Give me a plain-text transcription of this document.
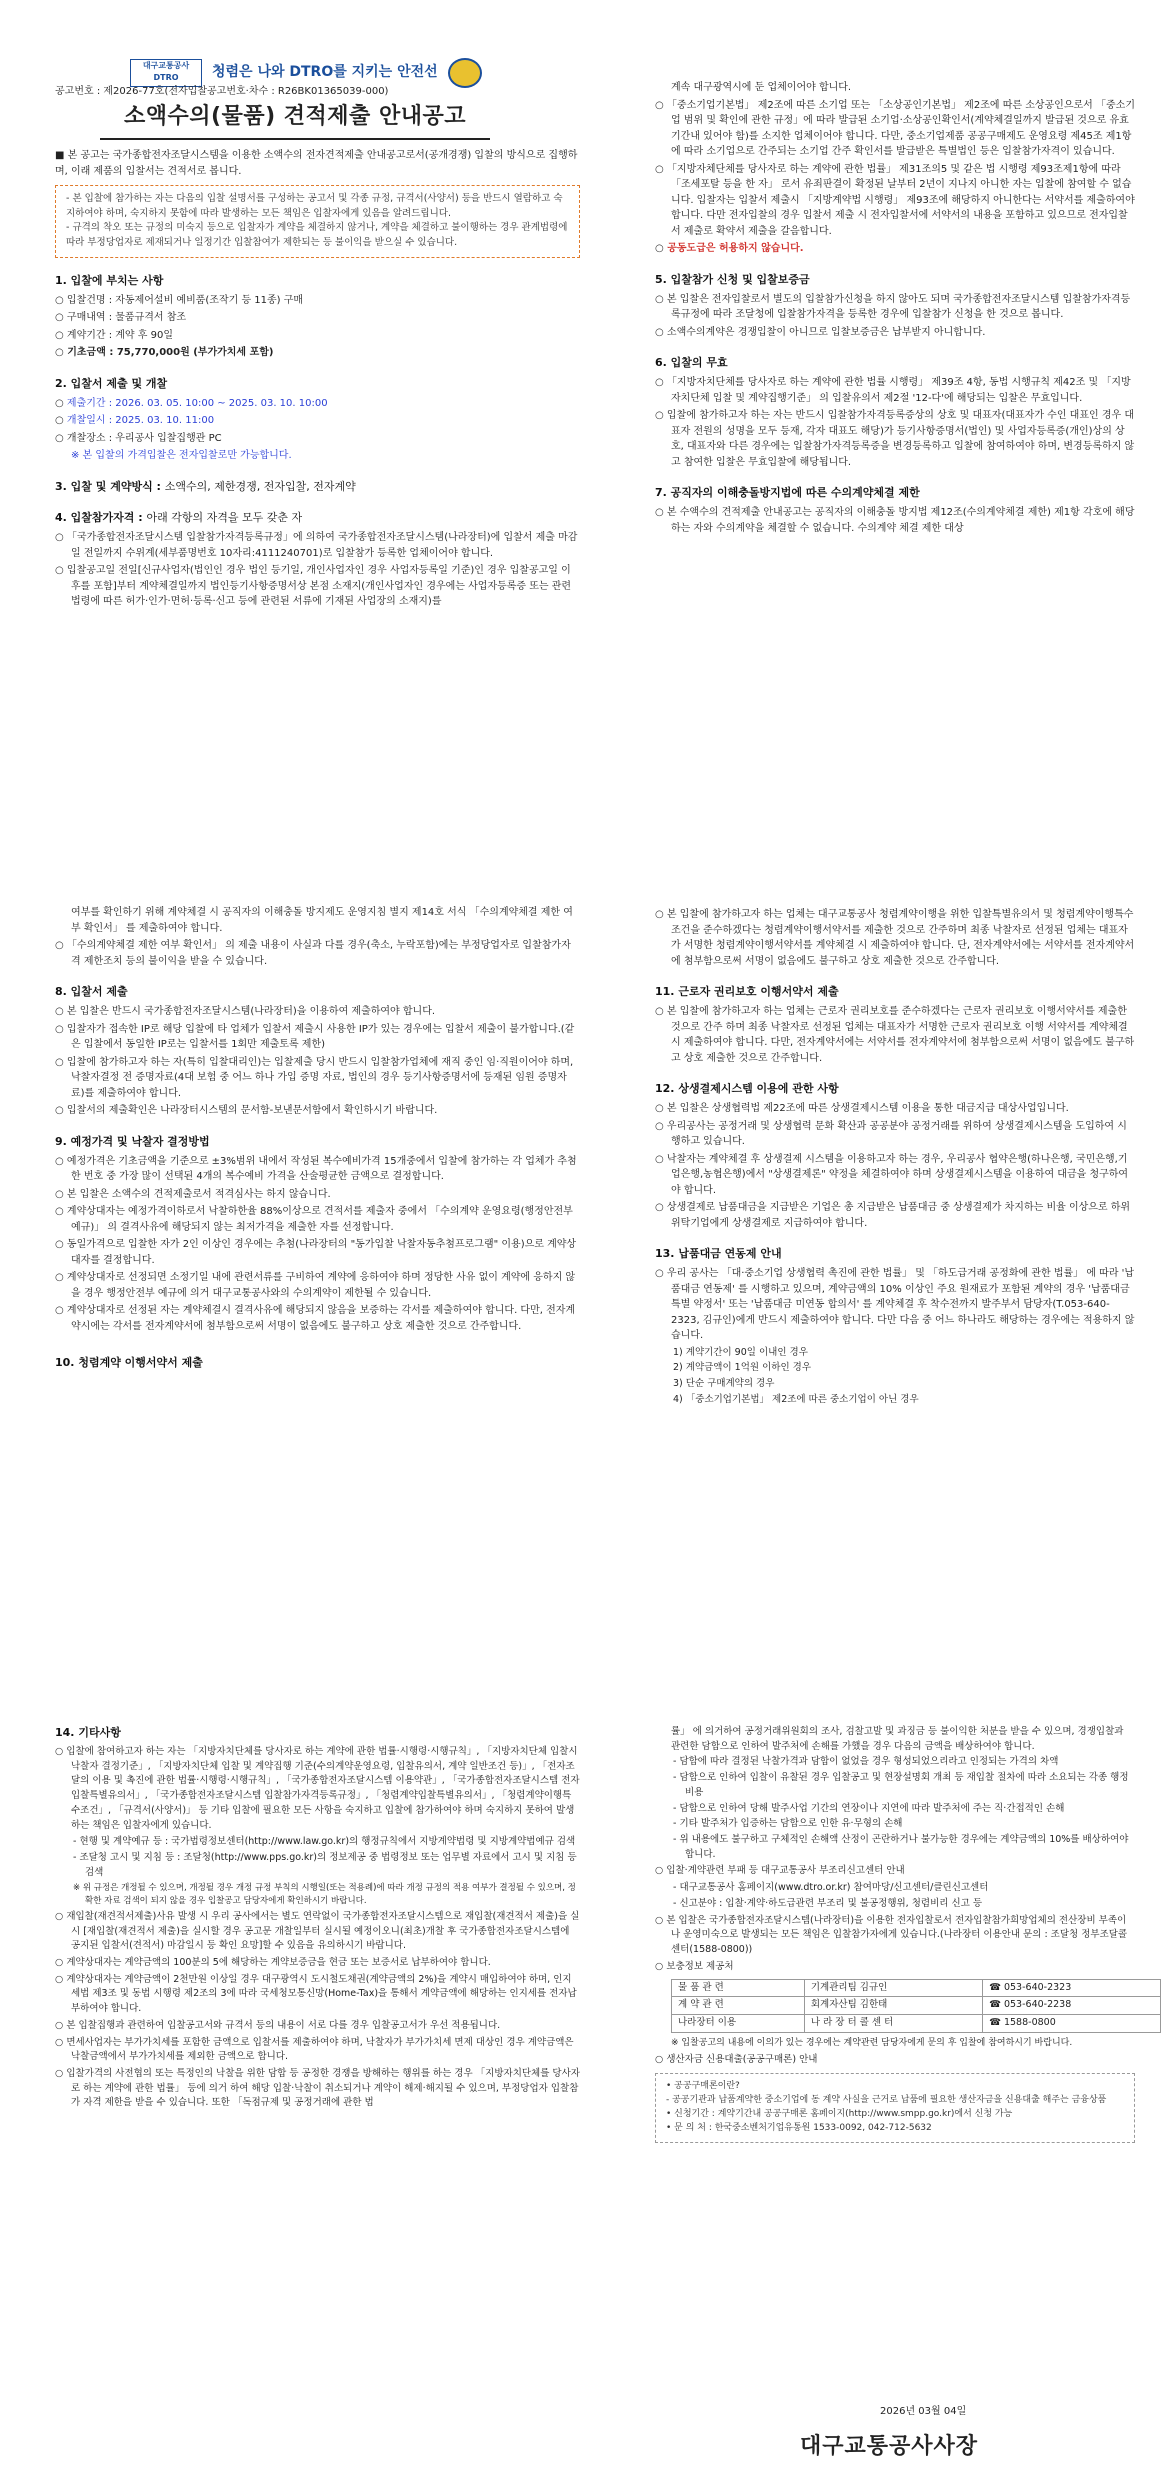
대구교통공사 DTRO	청렴은 나와 DTRO를 지키는 안전선
공고번호 : 제2026-77호(전자입찰공고번호·차수 : R26BK01365039-000)
소액수의(물품) 견적제출 안내공고

■ 본 공고는 국가종합전자조달시스템을 이용한 소액수의 전자견적제출 안내공고로서(공개경쟁) 입찰의 방식으로 집행하며, 이래 제품의 입찰서는 견적서로 봅니다.

- 본 입찰에 참가하는 자는 다음의 입찰 설명서를 구성하는 공고서 및 각종 규정, 규격서(사양서) 등을 반드시 열람하고 숙지하여야 하며, 숙지하지 못함에 따라 발생하는 모든 책임은 입찰자에게 있음을 알려드립니다.

- 규격의 착오 또는 규정의 미숙지 등으로 입찰자가 계약을 체결하지 않거나, 계약을 체결하고 불이행하는 경우 관계법령에 따라 부정당업자로 제재되거나 일정기간 입찰참여가 제한되는 등 불이익을 받으실 수 있습니다.

1. 입찰에 부치는 사항

○ 입찰건명 : 자동제어설비 예비품(조작기 등 11종) 구매

○ 구매내역 : 물품규격서 참조

○ 계약기간 : 계약 후 90일

○ 기초금액 : 75,770,000원 (부가가치세 포함)

2. 입찰서 제출 및 개찰

○ 제출기간 : 2026. 03. 05. 10:00 ~ 2025. 03. 10. 10:00

○ 개찰일시 : 2025. 03. 10. 11:00

○ 개찰장소 : 우리공사 입찰집행관 PC

※ 본 입찰의 가격입찰은 전자입찰로만 가능합니다.

3. 입찰 및 계약방식 : 소액수의, 제한경쟁, 전자입찰, 전자계약
4. 입찰참가자격 : 아래 각항의 자격을 모두 갖춘 자

○ 「국가종합전자조달시스템 입찰참가자격등록규정」에 의하여 국가종합전자조달시스템(나라장터)에 입찰서 제출 마감일 전일까지 수위계(세부품명번호 10자리:4111240701)로 입찰참가 등록한 업체이어야 합니다.

○ 입찰공고일 전일[신규사업자(법인인 경우 법인 등기일, 개인사업자인 경우 사업자등록일 기준)인 경우 입찰공고일 이후를 포함]부터 계약체결일까지 법인등기사항증명서상 본점 소재지(개인사업자인 경우에는 사업자등록증 또는 관련 법령에 따른 허가·인가·면허·등록·신고 등에 관련된 서류에 기재된 사업장의 소재지)를

계속 대구광역시에 둔 업체이어야 합니다.

○ 「중소기업기본법」 제2조에 따른 소기업 또는 「소상공인기본법」 제2조에 따른 소상공인으로서 「중소기업 범위 및 확인에 관한 규정」에 따라 발급된 소기업·소상공인확인서(계약체결일까지 발급된 것으로 유효기간내 있어야 함)를 소지한 업체이어야 합니다. 다만, 중소기업제품 공공구매제도 운영요령 제45조 제1항에 따라 소기업으로 간주되는 소기업 간주 확인서를 발급받은 특별법인 등은 입찰참가자격이 있습니다.

○ 「지방자체단체를 당사자로 하는 계약에 관한 법률」 제31조의5 및 같은 법 시행령 제93조제1항에 따라 「조세포탈 등을 한 자」 로서 유죄판결이 확정된 날부터 2년이 지나지 아니한 자는 입찰에 참여할 수 없습니다. 입찰자는 입찰서 제출시 「지방계약법 시행령」 제93조에 해당하지 아니한다는 서약서를 제출하여야 합니다. 다만 전자입찰의 경우 입찰서 제출 시 전자입찰서에 서약서의 내용을 포함하고 있으므로 전자입찰서 제출로 확약서 제출을 갈음합니다.

○ 공동도급은 허용하지 않습니다.

5. 입찰참가 신청 및 입찰보증금

○ 본 입찰은 전자입찰로서 별도의 입찰참가신청을 하지 않아도 되며 국가종합전자조달시스템 입찰참가자격등록규정에 따라 조달청에 입찰참가자격을 등록한 경우에 입찰참가 신청을 한 것으로 봅니다.

○ 소액수의계약은 경쟁입찰이 아니므로 입찰보증금은 납부받지 아니합니다.

6. 입찰의 무효

○ 「지방자치단체를 당사자로 하는 계약에 관한 법률 시행령」 제39조 4항, 동법 시행규칙 제42조 및 「지방자치단체 입찰 및 계약집행기준」 의 입찰유의서 제2절 '12-다'에 해당되는 입찰은 무효입니다.

○ 입찰에 참가하고자 하는 자는 반드시 입찰참가자격등록증상의 상호 및 대표자(대표자가 수인 대표인 경우 대표자 전원의 성명을 모두 등재, 각자 대표도 해당)가 등기사항증명서(법인) 및 사업자등록증(개인)상의 상호, 대표자와 다른 경우에는 입찰참가자격등록증을 변경등록하고 입찰에 참여하여야 하며, 변경등록하지 않고 참여한 입찰은 무효입찰에 해당됩니다.

7. 공직자의 이해충돌방지법에 따른 수의계약체결 제한

○ 본 수액수의 견적제출 안내공고는 공직자의 이해충돌 방지법 제12조(수의계약체결 제한) 제1항 각호에 해당하는 자와 수의계약을 체결할 수 없습니다. 수의계약 체결 제한 대상

여부를 확인하기 위해 계약체결 시 공직자의 이해충돌 방지제도 운영지침 별지 제14호 서식 「수의계약체결 제한 여부 확인서」 를 제출하여야 합니다.

○ 「수의계약체결 제한 여부 확인서」 의 제출 내용이 사실과 다를 경우(축소, 누락포함)에는 부정당업자로 입찰참가자격 제한조치 등의 불이익을 받을 수 있습니다.

8. 입찰서 제출

○ 본 입찰은 반드시 국가종합전자조달시스템(나라장터)을 이용하여 제출하여야 합니다.

○ 입찰자가 접속한 IP로 해당 입찰에 타 업체가 입찰서 제출시 사용한 IP가 있는 경우에는 입찰서 제출이 불가합니다.(같은 입찰에서 동일한 IP로는 입찰서를 1회만 제출토록 제한)

○ 입찰에 참가하고자 하는 자(특히 입찰대리인)는 입찰제출 당시 반드시 입찰참가업체에 재직 중인 임·직원이어야 하며, 낙찰자결정 전 증명자료(4대 보험 중 어느 하나 가입 증명 자료, 법인의 경우 등기사항증명서에 등재된 임원 증명자료)를 제출하여야 합니다.

○ 입찰서의 제출확인은 나라장터시스템의 문서함-보낸문서함에서 확인하시기 바랍니다.

9. 예정가격 및 낙찰자 결정방법

○ 예정가격은 기초금액을 기준으로 ±3%범위 내에서 작성된 복수예비가격 15개중에서 입찰에 참가하는 각 업체가 추첨한 번호 중 가장 많이 선택된 4개의 복수예비 가격을 산술평균한 금액으로 결정합니다.

○ 본 입찰은 소액수의 견적제출로서 적격심사는 하지 않습니다.

○ 계약상대자는 예정가격이하로서 낙찰하한율 88%이상으로 견적서를 제출자 중에서 「수의계약 운영요령(행정안전부 예규)」 의 결격사유에 해당되지 않는 최저가격을 제출한 자를 선정합니다.

○ 동일가격으로 입찰한 자가 2인 이상인 경우에는 추첨(나라장터의 "동가입찰 낙찰자동추첨프로그램" 이용)으로 계약상대자를 결정합니다.

○ 계약상대자로 선정되면 소정기일 내에 관련서류를 구비하여 계약에 응하여야 하며 정당한 사유 없이 계약에 응하지 않을 경우 행정안전부 예규에 의거 대구교통공사와의 수의계약이 제한될 수 있습니다.

○ 계약상대자로 선정된 자는 계약체결시 결격사유에 해당되지 않음을 보증하는 각서를 제출하여야 합니다. 다만, 전자계약시에는 각서를 전자계약서에 첨부함으로써 서명이 없음에도 불구하고 상호 제출한 것으로 간주합니다.

10. 청렴계약 이행서약서 제출

○ 본 입찰에 참가하고자 하는 업체는 대구교통공사 청렴계약이행을 위한 입찰특별유의서 및 청렴계약이행특수조건을 준수하겠다는 청렴계약이행서약서를 제출한 것으로 간주하며 최종 낙찰자로 선정된 업체는 대표자가 서명한 청렴계약이행서약서를 계약체결 시 제출하여야 합니다. 단, 전자계약서에는 서약서를 전자계약서에 첨부함으로써 서명이 없음에도 불구하고 상호 제출한 것으로 간주합니다.

11. 근로자 권리보호 이행서약서 제출

○ 본 입찰에 참가하고자 하는 업체는 근로자 권리보호를 준수하겠다는 근로자 권리보호 이행서약서를 제출한 것으로 간주 하며 최종 낙찰자로 선정된 업체는 대표자가 서명한 근로자 권리보호 이행 서약서를 계약체결 시 제출하여야 합니다. 다만, 전자계약서에는 서약서를 전자계약서에 첨부함으로써 서명이 없음에도 불구하고 상호 제출한 것으로 간주합니다.

12. 상생결제시스템 이용에 관한 사항

○ 본 입찰은 상생협력법 제22조에 따른 상생결제시스템 이용을 통한 대금지급 대상사업입니다.

○ 우리공사는 공정거래 및 상생협력 문화 확산과 공공분야 공정거래를 위하여 상생결제시스템을 도입하여 시행하고 있습니다.

○ 낙찰자는 계약체결 후 상생결제 시스템을 이용하고자 하는 경우, 우리공사 협약은행(하나은행, 국민은행,기업은행,농협은행)에서 "상생결제론" 약정을 체결하여야 하며 상생결제시스템을 이용하여 대금을 청구하여야 합니다.

○ 상생결제로 납품대금을 지급받은 기업은 총 지급받은 납품대금 중 상생결제가 차지하는 비율 이상으로 하위 위탁기업에게 상생결제로 지급하여야 합니다.

13. 납품대금 연동제 안내

○ 우리 공사는 「대·중소기업 상생협력 촉진에 관한 법률」 및 「하도급거래 공정화에 관한 법률」 에 따라 '납품대금 연동제' 를 시행하고 있으며, 계약금액의 10% 이상인 주요 원재료가 포함된 계약의 경우 '납품대금 특별 약정서' 또는 '납품대금 미연동 합의서' 를 계약체결 후 착수전까지 발주부서 담당자(T.053-640-2323, 김규인)에게 반드시 제출하여야 합니다. 다만 다음 중 어느 하나라도 해당하는 경우에는 적용하지 않습니다.

1) 계약기간이 90일 이내인 경우

2) 계약금액이 1억원 이하인 경우

3) 단순 구매계약의 경우

4) 「중소기업기본법」 제2조에 따른 중소기업이 아닌 경우

14. 기타사항

○ 입찰에 참여하고자 하는 자는 「지방자치단체를 당사자로 하는 계약에 관한 법률·시행령·시행규칙」, 「지방자치단체 입찰시 낙찰자 결정기준」, 「지방자치단체 입찰 및 계약집행 기준(수의계약운영요령, 입찰유의서, 계약 일반조건 등)」, 「전자조달의 이용 및 촉진에 관한 법률·시행령·시행규칙」, 「국가종합전자조달시스템 이용약관」, 「국가종합전자조달시스템 전자입찰특별유의서」, 「국가종합전자조달시스템 입찰참가자격등록규정」, 「청렴계약입찰특별유의서」, 「청렴계약이행특수조건」, 「규격서(사양서)」 등 기타 입찰에 필요한 모든 사항을 숙지하고 입찰에 참가하여야 하며 숙지하지 못하여 발생하는 책임은 입찰자에게 있습니다.

- 현행 및 계약예규 등 : 국가법령정보센터(http://www.law.go.kr)의 행정규칙에서 지방계약법령 및 지방계약법예규 검색

- 조달청 고시 및 지침 등 : 조달청(http://www.pps.go.kr)의 정보제공 중 법령정보 또는 업무별 자료에서 고시 및 지침 등 검색

※ 위 규정은 개정될 수 있으며, 개정될 경우 개정 규정 부칙의 시행일(또는 적용례)에 따라 개정 규정의 적용 여부가 결정될 수 있으며, 정확한 자료 검색이 되지 않을 경우 입찰공고 담당자에게 확인하시기 바랍니다.

○ 재입찰(재견적서제출)사유 발생 시 우리 공사에서는 별도 연락없이 국가종합전자조달시스템으로 재입찰(재견적서 제출)을 실시 [재입찰(재견적서 제출)을 실시할 경우 공고문 개찰일부터 실시될 예정이오니(최초)개찰 후 국가종합전자조달시스템에 공지된 입찰서(견적서) 마감일시 등 확인 요망]할 수 있음을 유의하시기 바랍니다.

○ 계약상대자는 계약금액의 100분의 5에 해당하는 계약보증금을 현금 또는 보증서로 납부하여야 합니다.

○ 계약상대자는 계약금액이 2천만원 이상일 경우 대구광역시 도시철도채권(계약금액의 2%)을 계약시 매입하여야 하며, 인지세법 제3조 및 동법 시행령 제2조의 3에 따라 국세청모통신망(Home-Tax)을 통해서 계약금액에 해당하는 인지세를 전자납부하여야 합니다.

○ 본 입찰집행과 관련하여 입찰공고서와 규격서 등의 내용이 서로 다를 경우 입찰공고서가 우선 적용됩니다.

○ 면세사업자는 부가가치세를 포함한 금액으로 입찰서를 제출하여야 하며, 낙찰자가 부가가치세 면제 대상인 경우 계약금액은 낙찰금액에서 부가가치세를 제외한 금액으로 합니다.

○ 입찰가격의 사전협의 또는 특정인의 낙찰을 위한 담합 등 공정한 경쟁을 방해하는 행위를 하는 경우 「지방자치단체를 당사자로 하는 계약에 관한 법률」 등에 의거 하여 해당 입찰·낙찰이 취소되거나 계약이 해제·해지될 수 있으며, 부정당업자 입찰참가 자격 제한을 받을 수 있습니다. 또한 「독점규제 및 공정거래에 관한 법

률」 에 의거하여 공정거래위원회의 조사, 검찰고발 및 과징금 등 불이익한 처분을 받을 수 있으며, 경쟁입찰과 관련한 담합으로 인하여 발주처에 손해를 가했을 경우 다음의 금액을 배상하여야 합니다.

- 담합에 따라 결정된 낙찰가격과 담합이 없었을 경우 형성되었으리라고 인정되는 가격의 차액

- 담합으로 인하여 입찰이 유찰된 경우 입찰공고 및 현장설명회 개최 등 재입찰 절차에 따라 소요되는 각종 행정비용

- 담합으로 인하여 당해 발주사업 기간의 연장이나 지연에 따라 발주처에 주는 직·간접적인 손해

- 기타 발주처가 입증하는 담합으로 인한 유·무형의 손해

- 위 내용에도 불구하고 구체적인 손해액 산정이 곤란하거나 불가능한 경우에는 계약금액의 10%를 배상하여야 합니다.

○ 입찰·계약관련 부패 등 대구교통공사 부조리신고센터 안내

- 대구교통공사 홈페이지(www.dtro.or.kr) 참여마당/신고센터/클린신고센터

- 신고분야 : 입찰·계약·하도급관련 부조리 및 불공정행위, 청렴비리 신고 등

○ 본 입찰은 국가종합전자조달시스템(나라장터)을 이용한 전자입찰로서 전자입찰참가희망업체의 전산장비 부족이나 운영미숙으로 발생되는 모든 책임은 입찰참가자에게 있습니다.(나라장터 이용안내 문의 : 조달청 정부조달콜센터(1588-0800))

○ 보충정보 제공처

물 품 관 련	기계관리팀 김규인	☎ 053-640-2323
계 약 관 련	회계자산팀 김한태	☎ 053-640-2238
나라장터 이용	나 라 장 터 콜 센 터	☎ 1588-0800

※ 입찰공고의 내용에 이의가 있는 경우에는 계약관련 담당자에게 문의 후 입찰에 참여하시기 바랍니다.

○ 생산자금 신용대출(공공구매론) 안내

• 공공구매론이란?

- 공공기관과 납품계약한 중소기업에 동 계약 사실을 근거로 납품에 필요한 생산자금을 신용대출 해주는 금융상품

• 신청기간 : 계약기간내 공공구매론 홈페이지(http://www.smpp.go.kr)에서 신청 가능

• 문 의 처 : 한국중소벤처기업유통원 1533-0092, 042-712-5632

2026년 03월 04일
대구교통공사사장
